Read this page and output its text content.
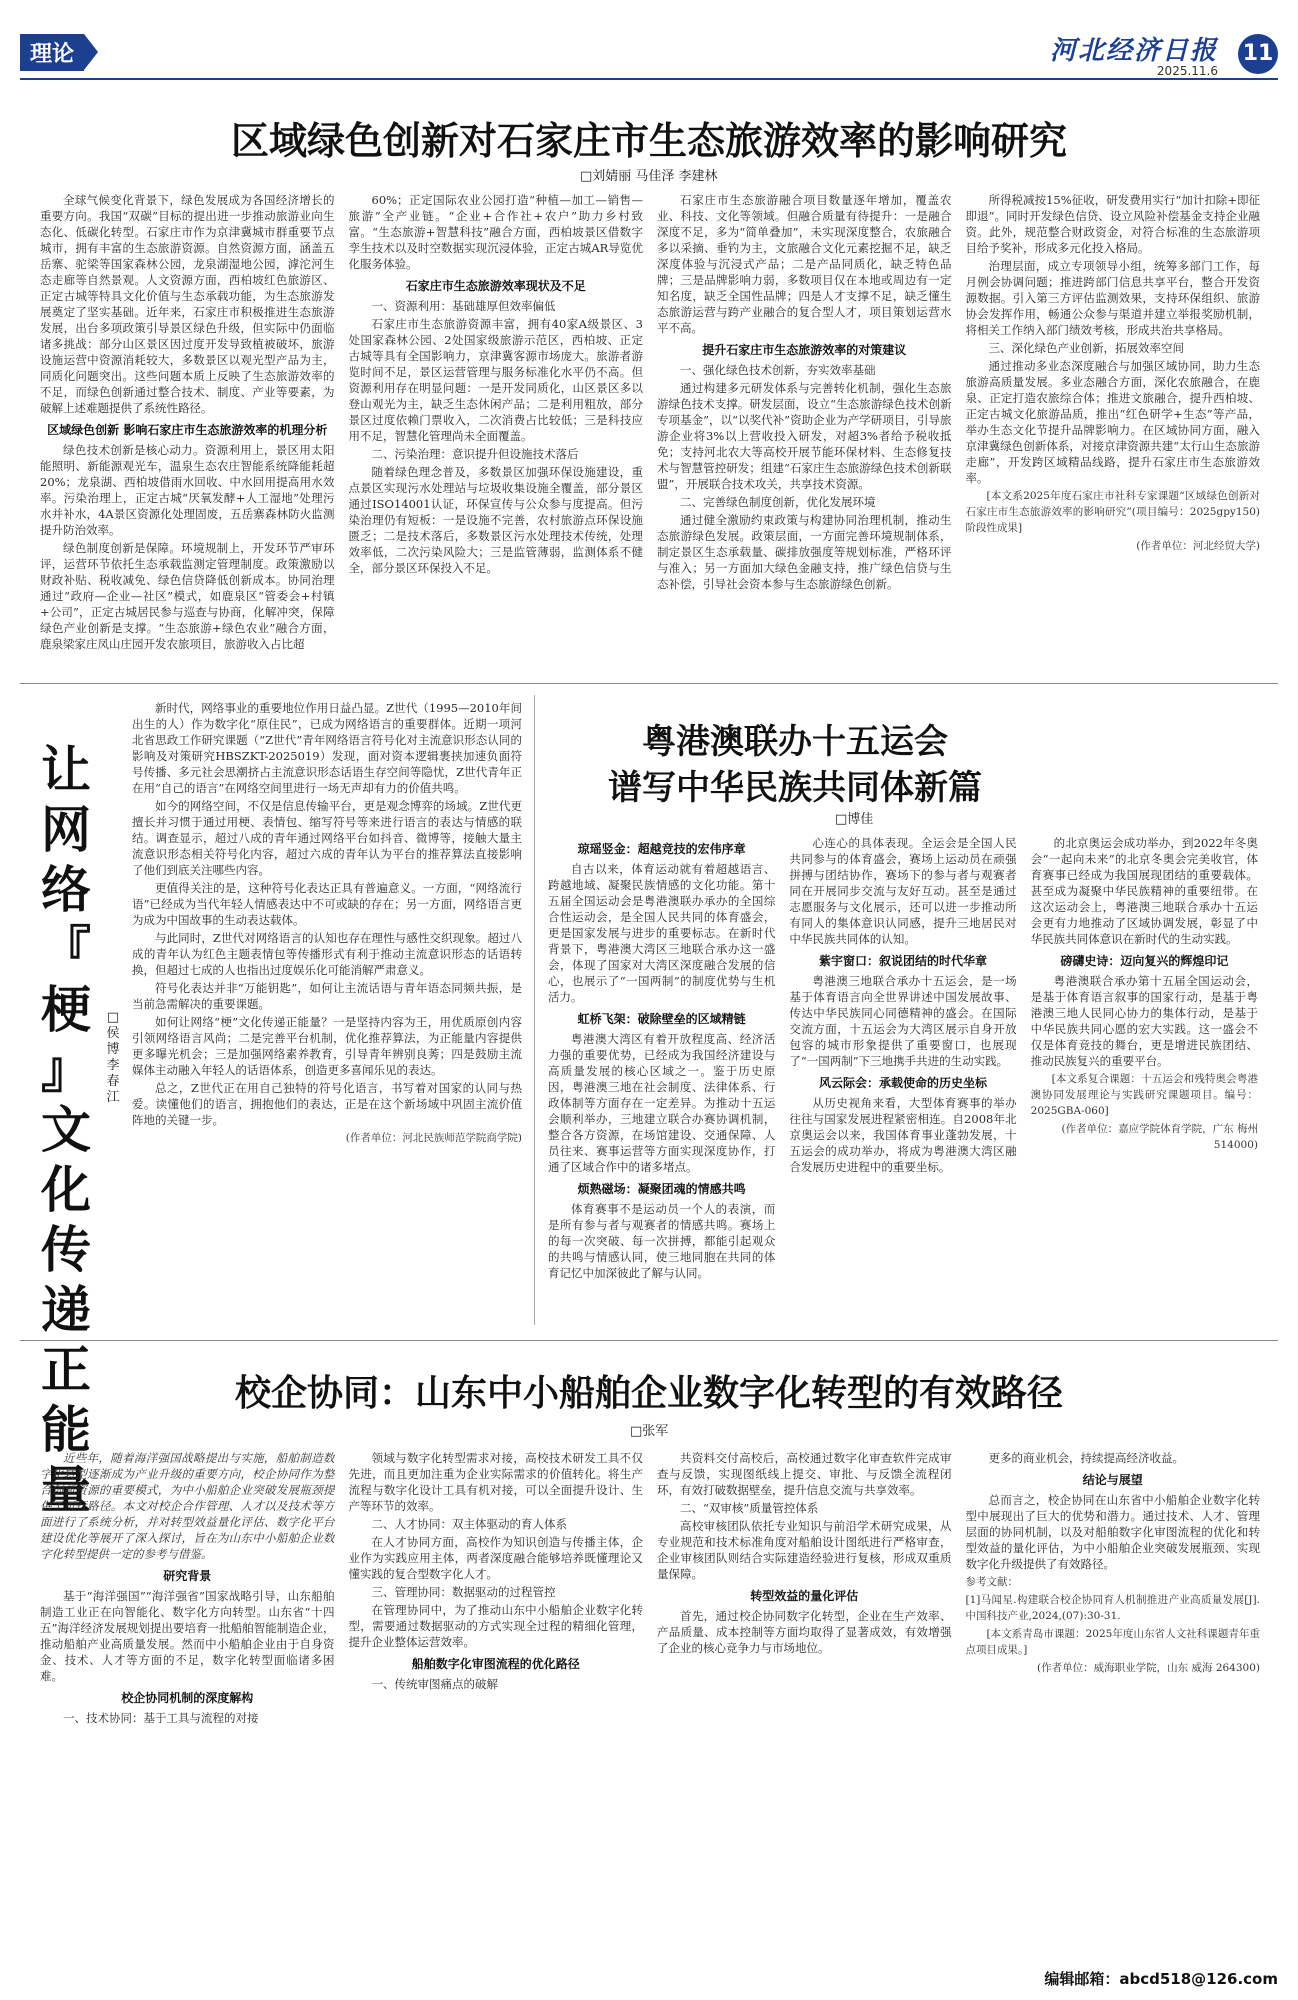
理论	河北经济日报
2025.11.6
11
区域绿色创新对石家庄市生态旅游效率的影响研究
□刘婧丽 马佳泽 李建林

全球气候变化背景下，绿色发展成为各国经济增长的重要方向。我国“双碳”目标的提出进一步推动旅游业向生态化、低碳化转型。石家庄市作为京津冀城市群重要节点城市，拥有丰富的生态旅游资源。自然资源方面，涵盖五岳寨、驼梁等国家森林公园，龙泉湖湿地公园，滹沱河生态走廊等自然景观。人文资源方面，西柏坡红色旅游区、正定古城等特具文化价值与生态承载功能，为生态旅游发展奠定了坚实基础。近年来，石家庄市积极推进生态旅游发展，出台多项政策引导景区绿色升级，但实际中仍面临诸多挑战：部分山区景区因过度开发导致植被破坏，旅游设施运营中资源消耗较大，多数景区以观光型产品为主，同质化问题突出。这些问题本质上反映了生态旅游效率的不足，而绿色创新通过整合技术、制度、产业等要素，为破解上述难题提供了系统性路径。

区域绿色创新 影响石家庄市生态旅游效率的机理分析

绿色技术创新是核心动力。资源利用上，景区用太阳能照明、新能源观光车，温泉生态农庄智能系统降能耗超20%；龙泉湖、西柏坡借雨水回收、中水回用提高用水效率。污染治理上，正定古城“厌氧发酵+人工湿地”处理污水并补水，4A景区资源化处理固废，五岳寨森林防火监测提升防治效率。

绿色制度创新是保障。环境规制上，开发环节严审环评，运营环节依托生态承载监测定管理制度。政策激励以财政补贴、税收减免、绿色信贷降低创新成本。协同治理通过“政府—企业—社区”模式，如鹿泉区“管委会+村镇+公司”，正定古城居民参与巡查与协商，化解冲突，保障绿色产业创新是支撑。“生态旅游+绿色农业”融合方面，鹿泉梁家庄凤山庄园开发农旅项目，旅游收入占比超

60%；正定国际农业公园打造“种植—加工—销售—旅游”全产业链。“企业+合作社+农户”助力乡村致富。“生态旅游+智慧科技”融合方面，西柏坡景区借数字孪生技术以及时空数据实现沉浸体验，正定古城AR导览优化服务体验。

石家庄市生态旅游效率现状及不足

一、资源利用：基础雄厚但效率偏低

石家庄市生态旅游资源丰富，拥有40家A级景区、3处国家森林公园、2处国家级旅游示范区，西柏坡、正定古城等具有全国影响力，京津冀客源市场庞大。旅游者游览时间不足，景区运营管理与服务标准化水平仍不高。但资源利用存在明显问题：一是开发同质化，山区景区多以登山观光为主，缺乏生态休闲产品；二是利用粗放，部分景区过度依赖门票收入，二次消费占比较低；三是科技应用不足，智慧化管理尚未全面覆盖。

二、污染治理：意识提升但设施技术落后

随着绿色理念普及，多数景区加强环保设施建设，重点景区实现污水处理站与垃圾收集设施全覆盖，部分景区通过ISO14001认证，环保宣传与公众参与度提高。但污染治理仍有短板：一是设施不完善，农村旅游点环保设施匮乏；二是技术落后，多数景区污水处理技术传统，处理效率低，二次污染风险大；三是监管薄弱，监测体系不健全，部分景区环保投入不足。

石家庄市生态旅游融合项目数量逐年增加，覆盖农业、科技、文化等领域。但融合质量有待提升：一是融合深度不足，多为“简单叠加”，未实现深度整合，农旅融合多以采摘、垂钓为主，文旅融合文化元素挖掘不足，缺乏深度体验与沉浸式产品；二是产品同质化，缺乏特色品牌；三是品牌影响力弱，多数项目仅在本地或周边有一定知名度，缺乏全国性品牌；四是人才支撑不足，缺乏懂生态旅游运营与跨产业融合的复合型人才，项目策划运营水平不高。

提升石家庄市生态旅游效率的对策建议

一、强化绿色技术创新，夯实效率基础

通过构建多元研发体系与完善转化机制，强化生态旅游绿色技术支撑。研发层面，设立“生态旅游绿色技术创新专项基金”，以“以奖代补”资助企业为产学研项目，引导旅游企业将3%以上营收投入研发，对超3%者给予税收抵免；支持河北农大等高校开展节能环保材料、生态修复技术与智慧管控研发；组建“石家庄生态旅游绿色技术创新联盟”，开展联合技术攻关，共享技术资源。

二、完善绿色制度创新，优化发展环境

通过健全激励约束政策与构建协同治理机制，推动生态旅游绿色发展。政策层面，一方面完善环境规制体系，制定景区生态承载量、碳排放强度等规划标准，严格环评与准入；另一方面加大绿色金融支持，推广绿色信贷与生态补偿，引导社会资本参与生态旅游绿色创新。

所得税减按15%征收，研发费用实行“加计扣除+即征即退”。同时开发绿色信贷、设立风险补偿基金支持企业融资。此外，规范整合财政资金，对符合标准的生态旅游项目给予奖补，形成多元化投入格局。

治理层面，成立专项领导小组，统筹多部门工作，每月例会协调问题；推进跨部门信息共享平台，整合开发资源数据。引入第三方评估监测效果，支持环保组织、旅游协会发挥作用，畅通公众参与渠道并建立举报奖励机制，将相关工作纳入部门绩效考核，形成共治共享格局。

三、深化绿色产业创新，拓展效率空间

通过推动多业态深度融合与加强区域协同，助力生态旅游高质量发展。多业态融合方面，深化农旅融合，在鹿泉、正定打造农旅综合体；推进文旅融合，提升西柏坡、正定古城文化旅游品质，推出“红色研学+生态”等产品，举办生态文化节提升品牌影响力。在区域协同方面，融入京津冀绿色创新体系，对接京津资源共建“太行山生态旅游走廊”，开发跨区域精品线路，提升石家庄市生态旅游效率。

[本文系2025年度石家庄市社科专家课题“区域绿色创新对石家庄市生态旅游效率的影响研究”(项目编号：2025gpy150)阶段性成果]

(作者单位：河北经贸大学)

让
网
络
『
梗
』
文
化
传
递
正
能
量
□侯博 李春江

新时代，网络事业的重要地位作用日益凸显。Z世代（1995—2010年间出生的人）作为数字化“原住民”，已成为网络语言的重要群体。近期一项河北省思政工作研究课题（“Z世代”青年网络语言符号化对主流意识形态认同的影响及对策研究HBSZKT-2025019）发现，面对资本逻辑裹挟加速负面符号传播、多元社会思潮挤占主流意识形态话语生存空间等隐忧，Z世代青年正在用“自己的语言”在网络空间里进行一场无声却有力的价值共鸣。

如今的网络空间，不仅是信息传输平台，更是观念博弈的场域。Z世代更擅长并习惯于通过用梗、表情包、缩写符号等来进行语言的表达与情感的联结。调查显示，超过八成的青年通过网络平台如抖音、微博等，接触大量主流意识形态相关符号化内容，超过六成的青年认为平台的推荐算法直接影响了他们到底关注哪些内容。

更值得关注的是，这种符号化表达正具有普遍意义。一方面，“网络流行语”已经成为当代年轻人情感表达中不可或缺的存在；另一方面，网络语言更为成为中国故事的生动表达载体。

与此同时，Z世代对网络语言的认知也存在理性与感性交织现象。超过八成的青年认为红色主题表情包等传播形式有利于推动主流意识形态的话语转换，但超过七成的人也指出过度娱乐化可能消解严肃意义。

符号化表达并非“万能钥匙”，如何让主流话语与青年语态同频共振，是当前急需解决的重要课题。

如何让网络“梗”文化传递正能量？一是坚持内容为王，用优质原创内容引领网络语言风尚；二是完善平台机制，优化推荐算法，为正能量内容提供更多曝光机会；三是加强网络素养教育，引导青年辨别良莠；四是鼓励主流媒体主动融入年轻人的话语体系，创造更多喜闻乐见的表达。

总之，Z世代正在用自己独特的符号化语言，书写着对国家的认同与热爱。读懂他们的语言，拥抱他们的表达，正是在这个新场域中巩固主流价值阵地的关键一步。

(作者单位：河北民族师范学院商学院)

粤港澳联办十五运会
谱写中华民族共同体新篇
□博佳
琼瑶竖金：超越竞技的宏伟序章

自古以来，体育运动就有着超越语言、跨越地域、凝聚民族情感的文化功能。第十五届全国运动会是粤港澳联办承办的全国综合性运动会，是全国人民共同的体育盛会，更是国家发展与进步的重要标志。在新时代背景下，粤港澳大湾区三地联合承办这一盛会，体现了国家对大湾区深度融合发展的信心，也展示了“一国两制”的制度优势与生机活力。

虹桥飞架：破除壁垒的区域精链

粤港澳大湾区有着开放程度高、经济活力强的重要优势，已经成为我国经济建设与高质量发展的核心区域之一。鉴于历史原因，粤港澳三地在社会制度、法律体系、行政体制等方面存在一定差异。为推动十五运会顺利举办，三地建立联合办赛协调机制，整合各方资源，在场馆建设、交通保障、人员往来、赛事运营等方面实现深度协作，打通了区域合作中的诸多堵点。

烦熟磁场：凝聚团魂的情感共鸣

体育赛事不是运动员一个人的表演，而是所有参与者与观赛者的情感共鸣。赛场上的每一次突破、每一次拼搏，都能引起观众的共鸣与情感认同，使三地同胞在共同的体育记忆中加深彼此了解与认同。

心连心的具体表现。全运会是全国人民共同参与的体育盛会，赛场上运动员在顽强拼搏与团结协作，赛场下的参与者与观赛者同在开展同步交流与友好互动。甚至是通过志愿服务与文化展示，还可以进一步推动所有同人的集体意识认同感，提升三地居民对中华民族共同体的认知。

紫宇窗口：叙说团结的时代华章

粤港澳三地联合承办十五运会，是一场基于体育语言向全世界讲述中国发展故事、传达中华民族同心同德精神的盛会。在国际交流方面，十五运会为大湾区展示自身开放包容的城市形象提供了重要窗口，也展现了“一国两制”下三地携手共进的生动实践。

风云际会：承载使命的历史坐标

从历史视角来看，大型体育赛事的举办往往与国家发展进程紧密相连。自2008年北京奥运会以来，我国体育事业蓬勃发展，十五运会的成功举办，将成为粤港澳大湾区融合发展历史进程中的重要坐标。

的北京奥运会成功举办，到2022年冬奥会“一起向未来”的北京冬奥会完美收官，体育赛事已经成为我国展现团结的重要载体。甚至成为凝聚中华民族精神的重要纽带。在这次运动会上，粤港澳三地联合承办十五运会更有力地推动了区域协调发展，彰显了中华民族共同体意识在新时代的生动实践。

磅礴史诗：迈向复兴的辉煌印记

粤港澳联合承办第十五届全国运动会，是基于体育语言叙事的国家行动，是基于粤港澳三地人民同心协力的集体行动，是基于中华民族共同心愿的宏大实践。这一盛会不仅是体育竞技的舞台，更是增进民族团结、推动民族复兴的重要平台。

[本文系复合课题：十五运会和残特奥会粤港澳协同发展理论与实践研究课题项目。编号：2025GBA-060]

(作者单位：嘉应学院体育学院，广东 梅州 514000)

校企协同：山东中小船舶企业数字化转型的有效路径
□张军

近些年，随着海洋强国战略提出与实施，船舶制造数字化转型逐渐成为产业升级的重要方向，校企协同作为整合创新资源的重要模式，为中小船舶企业突破发展瓶颈提供了可行路径。本文对校企合作管理、人才以及技术等方面进行了系统分析，并对转型效益量化评估、数字化平台建设优化等展开了深入探讨，旨在为山东中小船舶企业数字化转型提供一定的参考与借鉴。

研究背景

基于“海洋强国”“海洋强省”国家战略引导，山东船舶制造工业正在向智能化、数字化方向转型。山东省“十四五”海洋经济发展规划提出要培育一批船舶智能制造企业，推动船舶产业高质量发展。然而中小船舶企业由于自身资金、技术、人才等方面的不足，数字化转型面临诸多困难。

校企协同机制的深度解构

一、技术协同：基于工具与流程的对接

领域与数字化转型需求对接，高校技术研发工具不仅先进，而且更加注重为企业实际需求的价值转化。将生产流程与数字化设计工具有机对接，可以全面提升设计、生产等环节的效率。

二、人才协同：双主体驱动的育人体系

在人才协同方面，高校作为知识创造与传播主体，企业作为实践应用主体，两者深度融合能够培养既懂理论又懂实践的复合型数字化人才。

三、管理协同：数据驱动的过程管控

在管理协同中，为了推动山东中小船舶企业数字化转型，需要通过数据驱动的方式实现全过程的精细化管理，提升企业整体运营效率。

船舶数字化审图流程的优化路径

一、传统审图痛点的破解

共资料交付高校后，高校通过数字化审查软件完成审查与反馈，实现图纸线上提交、审批、与反馈全流程闭环，有效打破数据壁垒，提升信息交流与共享效率。

二、“双审核”质量管控体系

高校审核团队依托专业知识与前沿学术研究成果，从专业规范和技术标准角度对船舶设计图纸进行严格审查，企业审核团队则结合实际建造经验进行复核，形成双重质量保障。

转型效益的量化评估

首先，通过校企协同数字化转型，企业在生产效率、产品质量、成本控制等方面均取得了显著成效，有效增强了企业的核心竞争力与市场地位。

更多的商业机会，持续提高经济收益。

结论与展望

总而言之，校企协同在山东省中小船舶企业数字化转型中展现出了巨大的优势和潜力。通过技术、人才、管理层面的协同机制，以及对船舶数字化审图流程的优化和转型效益的量化评估，为中小船舶企业突破发展瓶颈、实现数字化升级提供了有效路径。

参考文献：

[1]马闻星.构建联合校企协同育人机制推进产业高质量发展[J].中国科技产业,2024,(07):30-31.

[本文系青岛市课题：2025年度山东省人文社科课题青年重点项目成果。]

(作者单位：威海职业学院，山东 威海 264300)

编辑邮箱：abcd518@126.com
